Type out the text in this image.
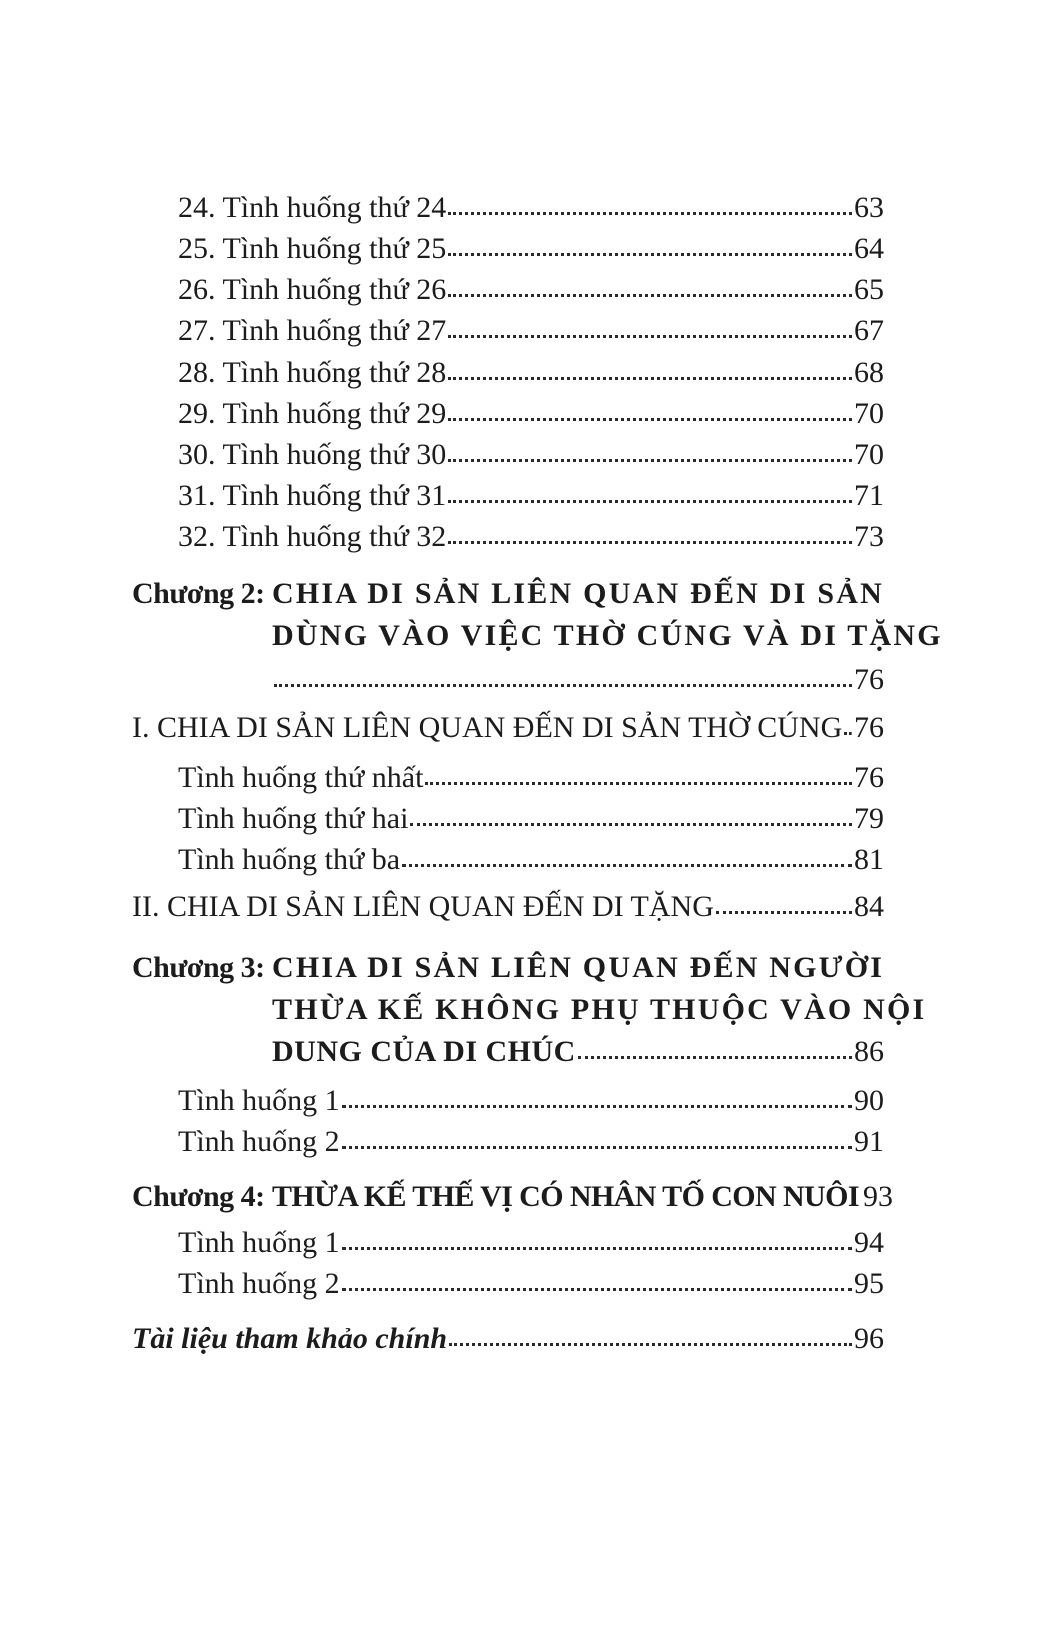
24. Tình huống thứ 24	63
25. Tình huống thứ 25	64
26. Tình huống thứ 26	65
27. Tình huống thứ 27	67
28. Tình huống thứ 28	68
29. Tình huống thứ 29	70
30. Tình huống thứ 30	70
31. Tình huống thứ 31	71
32. Tình huống thứ 32	73
Chương 2: CHIA DI SẢN LIÊN QUAN ĐẾN DI SẢN
DÙNG VÀO VIỆC THỜ CÚNG VÀ DI TẶNG
76
I. CHIA DI SẢN LIÊN QUAN ĐẾN DI SẢN THỜ CÚNG 76
Tình huống thứ nhất	76
Tình huống thứ hai	79
Tình huống thứ ba	81
II. CHIA DI SẢN LIÊN QUAN ĐẾN DI TẶNG	84
Chương 3: CHIA DI SẢN LIÊN QUAN ĐẾN NGƯỜI
THỪA KẾ KHÔNG PHỤ THUỘC VÀO NỘI
DUNG CỦA DI CHÚC	86
Tình huống 1	90
Tình huống 2	91
Chương 4: THỪA KẾ THẾ VỊ CÓ NHÂN TỐ CON NUÔI 93
Tình huống 1	94
Tình huống 2	95
Tài liệu tham khảo chính	96
